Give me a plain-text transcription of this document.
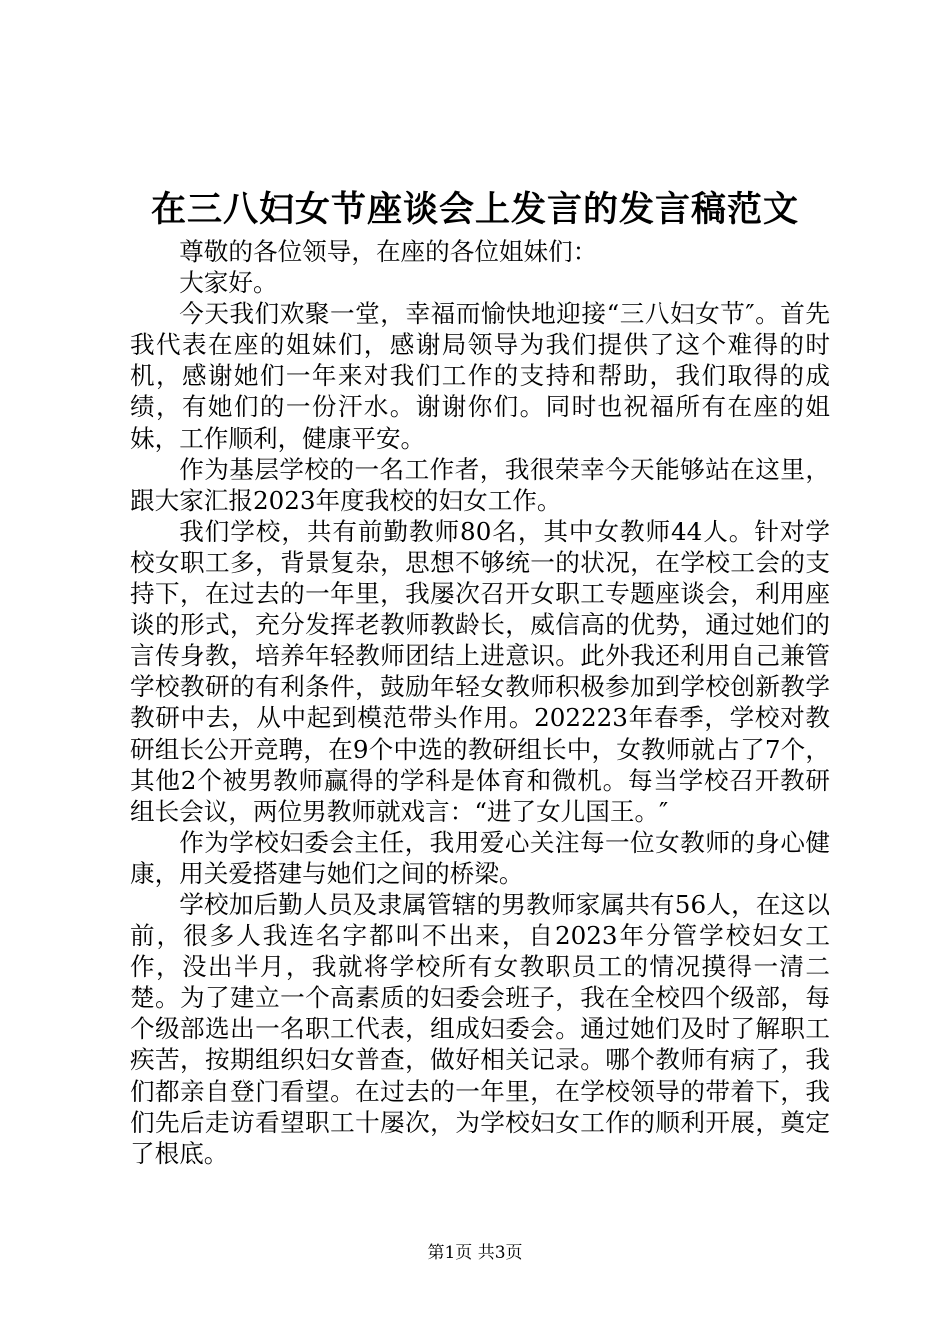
在三八妇女节座谈会上发言的发言稿范文

尊敬的各位领导，在座的各位姐妹们：

大家好。

今天我们欢聚一堂，幸福而愉快地迎接“三八妇女节″。首先我代表在座的姐妹们，感谢局领导为我们提供了这个难得的时机，感谢她们一年来对我们工作的支持和帮助，我们取得的成绩，有她们的一份汗水。谢谢你们。同时也祝福所有在座的姐妹，工作顺利，健康平安。

作为基层学校的一名工作者，我很荣幸今天能够站在这里，跟大家汇报2023年度我校的妇女工作。

我们学校，共有前勤教师80名，其中女教师44人。针对学校女职工多，背景复杂，思想不够统一的状况，在学校工会的支持下，在过去的一年里，我屡次召开女职工专题座谈会，利用座谈的形式，充分发挥老教师教龄长，威信高的优势，通过她们的言传身教，培养年轻教师团结上进意识。此外我还利用自己兼管学校教研的有利条件，鼓励年轻女教师积极参加到学校创新教学教研中去，从中起到模范带头作用。202223年春季，学校对教研组长公开竞聘，在9个中选的教研组长中，女教师就占了7个，其他2个被男教师赢得的学科是体育和微机。每当学校召开教研组长会议，两位男教师就戏言：“进了女儿国王。″

作为学校妇委会主任，我用爱心关注每一位女教师的身心健康，用关爱搭建与她们之间的桥梁。

学校加后勤人员及隶属管辖的男教师家属共有56人，在这以前，很多人我连名字都叫不出来，自2023年分管学校妇女工作，没出半月，我就将学校所有女教职员工的情况摸得一清二楚。为了建立一个高素质的妇委会班子，我在全校四个级部，每个级部选出一名职工代表，组成妇委会。通过她们及时了解职工疾苦，按期组织妇女普查，做好相关记录。哪个教师有病了，我们都亲自登门看望。在过去的一年里，在学校领导的带着下，我们先后走访看望职工十屡次，为学校妇女工作的顺利开展，奠定了根底。

第1页 共3页
